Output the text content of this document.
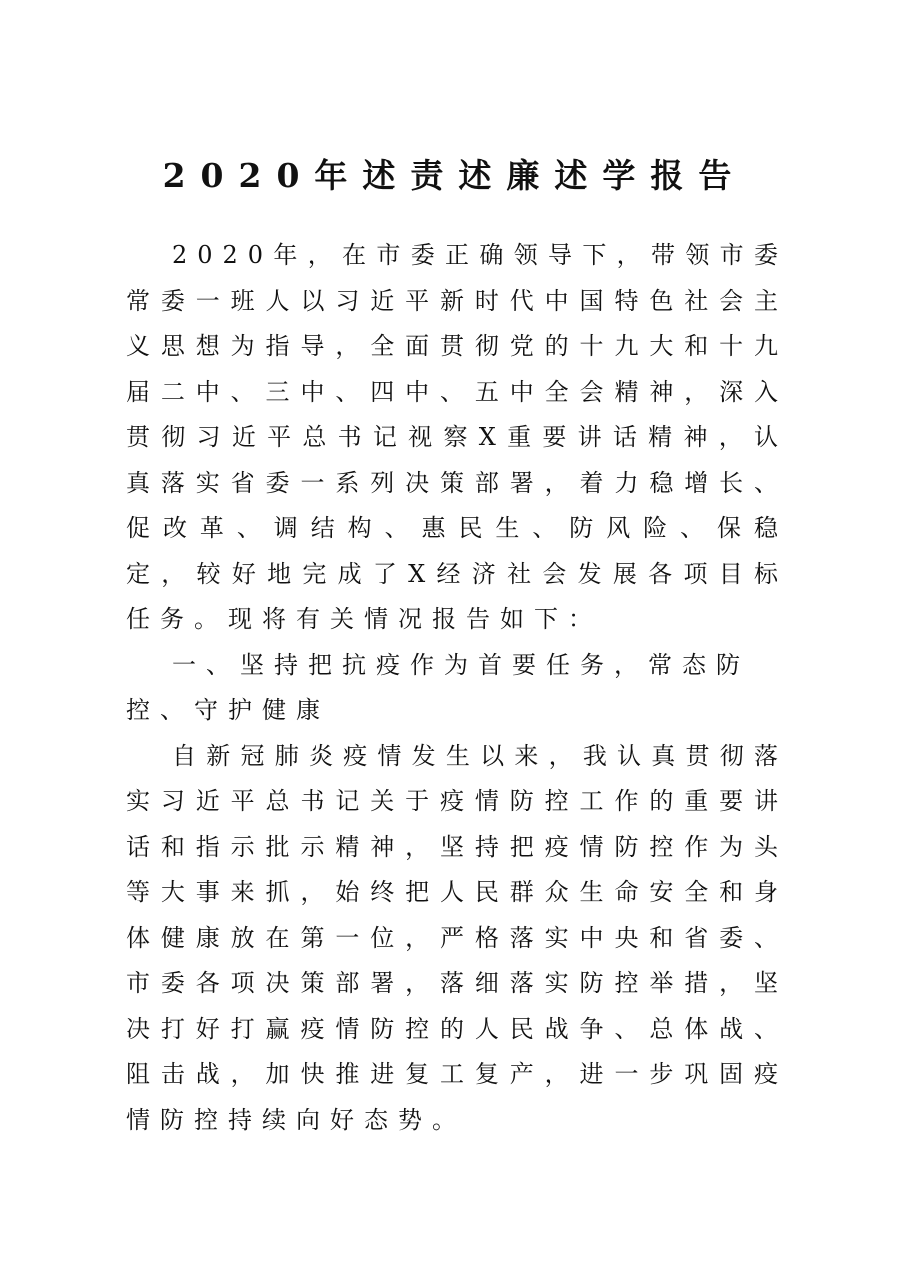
2020年述责述廉述学报告

2020年，在市委正确领导下，带领市委常委一班人以习近平新时代中国特色社会主义思想为指导，全面贯彻党的十九大和十九届二中、三中、四中、五中全会精神，深入贯彻习近平总书记视察X重要讲话精神，认真落实省委一系列决策部署，着力稳增长、促改革、调结构、惠民生、防风险、保稳定，较好地完成了X经济社会发展各项目标任务。现将有关情况报告如下：

一、坚持把抗疫作为首要任务，常态防控、守护健康

自新冠肺炎疫情发生以来，我认真贯彻落实习近平总书记关于疫情防控工作的重要讲话和指示批示精神，坚持把疫情防控作为头等大事来抓，始终把人民群众生命安全和身体健康放在第一位，严格落实中央和省委、市委各项决策部署，落细落实防控举措，坚决打好打赢疫情防控的人民战争、总体战、阻击战，加快推进复工复产，进一步巩固疫情防控持续向好态势。
